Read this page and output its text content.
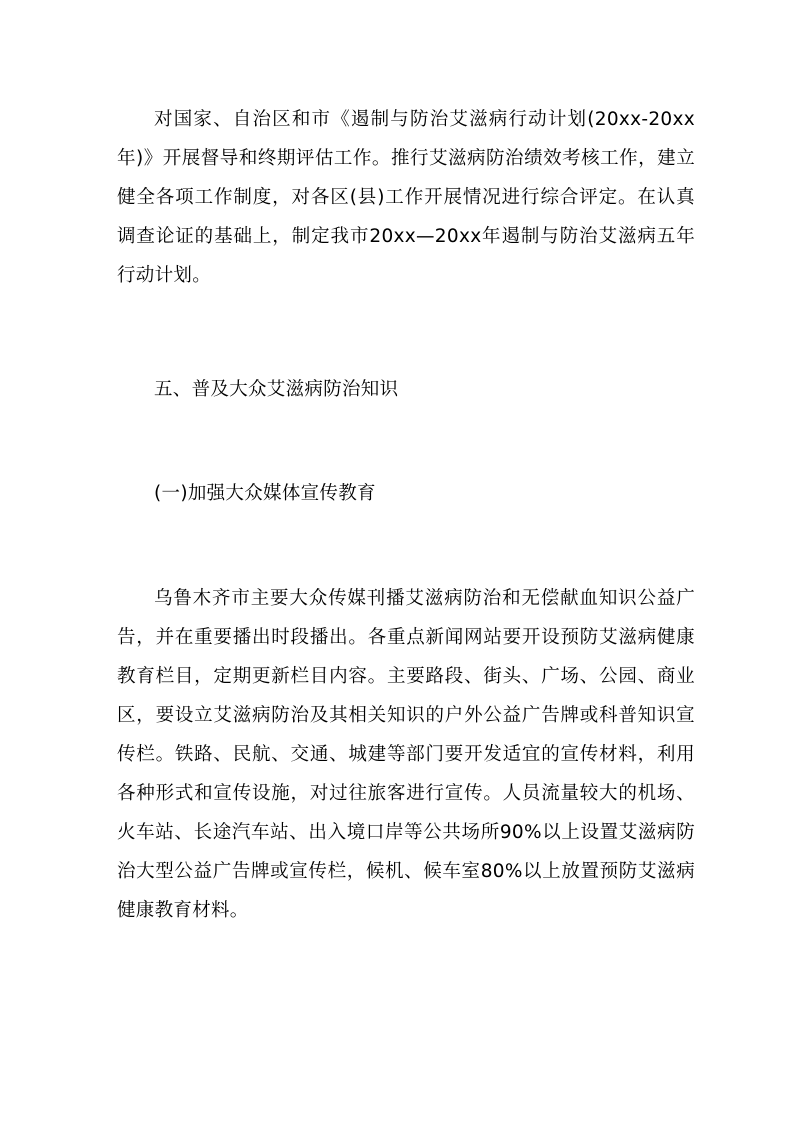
对国家、自治区和市《遏制与防治艾滋病行动计划(20xx-20xx年)》开展督导和终期评估工作。推行艾滋病防治绩效考核工作，建立健全各项工作制度，对各区(县)工作开展情况进行综合评定。在认真调查论证的基础上，制定我市20xx—20xx年遏制与防治艾滋病五年行动计划。

五、普及大众艾滋病防治知识

(一)加强大众媒体宣传教育

乌鲁木齐市主要大众传媒刊播艾滋病防治和无偿献血知识公益广告，并在重要播出时段播出。各重点新闻网站要开设预防艾滋病健康教育栏目，定期更新栏目内容。主要路段、街头、广场、公园、商业区，要设立艾滋病防治及其相关知识的户外公益广告牌或科普知识宣传栏。铁路、民航、交通、城建等部门要开发适宜的宣传材料，利用各种形式和宣传设施，对过往旅客进行宣传。人员流量较大的机场、火车站、长途汽车站、出入境口岸等公共场所90%以上设置艾滋病防治大型公益广告牌或宣传栏，候机、候车室80%以上放置预防艾滋病健康教育材料。
